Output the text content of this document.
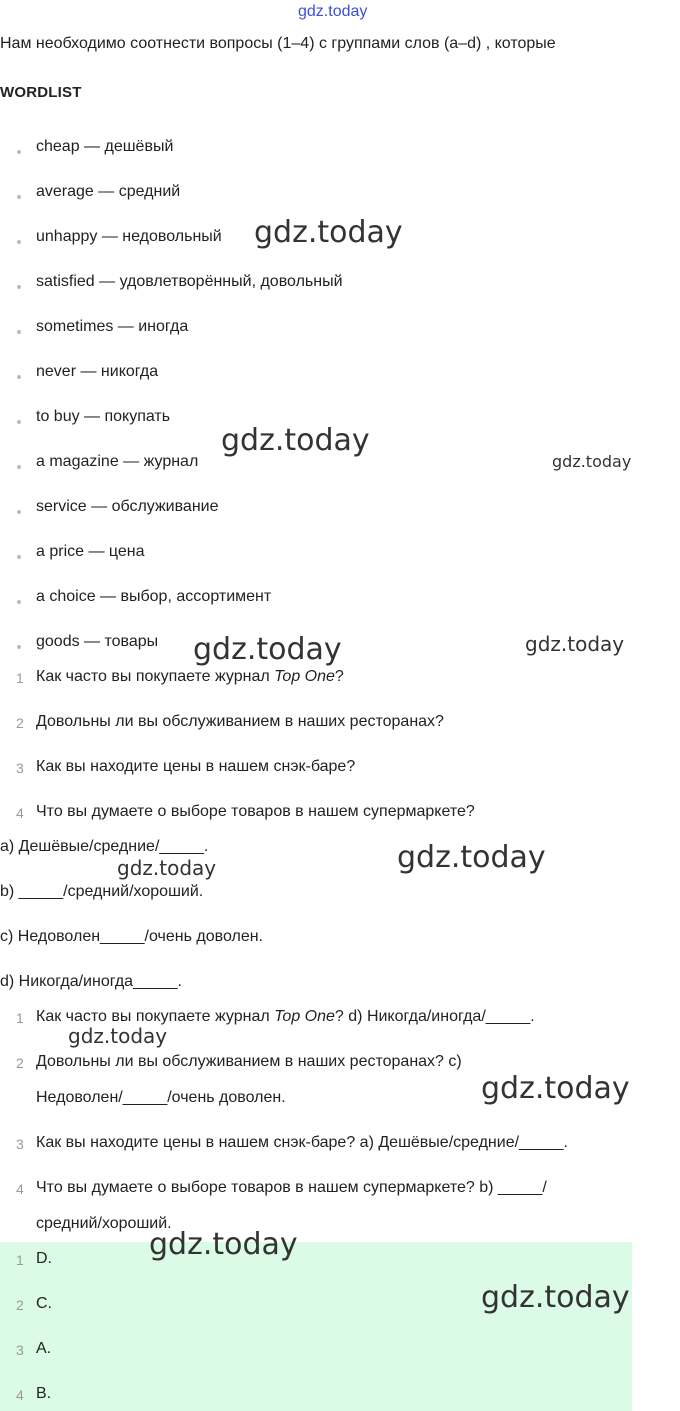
gdz.today
Нам необходимо соотнести вопросы (1–4) с группами слов (a–d) , которые
WORDLIST
cheap — дешёвый
average — средний
unhappy — недовольный
satisfied — удовлетворённый, довольный
sometimes — иногда
never — никогда
to buy — покупать
a magazine — журнал
service — обслуживание
a price — цена
a choice — выбор, ассортимент
goods — товары
1 Как часто вы покупаете журнал Top One?
2 Довольны ли вы обслуживанием в наших ресторанах?
3 Как вы находите цены в нашем снэк-баре?
4 Что вы думаете о выборе товаров в нашем супермаркете?
a) Дешёвые/средние/_____.
b) _____/средний/хороший.
c) Недоволен_____/очень доволен.
d) Никогда/иногда_____.
1 Как часто вы покупаете журнал Top One? d) Никогда/иногда/_____.
2 Довольны ли вы обслуживанием в наших ресторанах? c)
Недоволен/_____/очень доволен.
3 Как вы находите цены в нашем снэк-баре? a) Дешёвые/средние/_____.
4 Что вы думаете о выборе товаров в нашем супермаркете? b) _____/
средний/хороший.
1 D.
2 C.
3 A.
4 B.
gdz.today
gdz.today
gdz.today
gdz.today	gdz.today
gdz.today
gdz.today
gdz.today
gdz.today
gdz.today
gdz.today
